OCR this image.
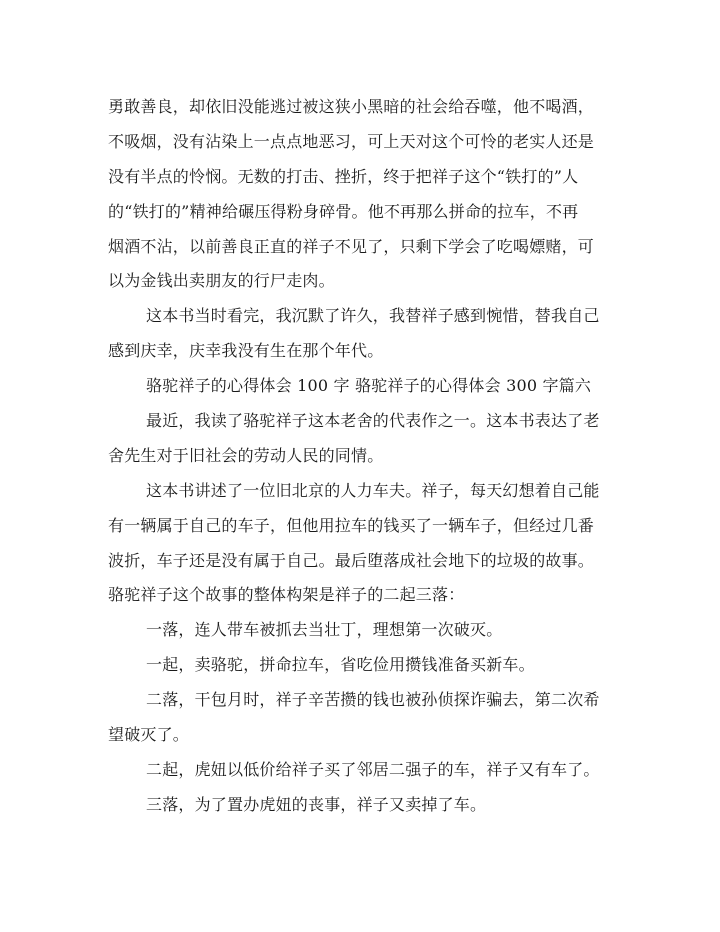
勇敢善良，却依旧没能逃过被这狭小黑暗的社会给吞噬，他不喝酒，
不吸烟，没有沾染上一点点地恶习，可上天对这个可怜的老实人还是
没有半点的怜悯。无数的打击、挫折，终于把祥子这个“铁打的”人
的“铁打的”精神给碾压得粉身碎骨。他不再那么拼命的拉车，不再
烟酒不沾，以前善良正直的祥子不见了，只剩下学会了吃喝嫖赌，可
以为金钱出卖朋友的行尸走肉。
这本书当时看完，我沉默了许久，我替祥子感到惋惜，替我自己
感到庆幸，庆幸我没有生在那个年代。
骆驼祥子的心得体会 100 字 骆驼祥子的心得体会 300 字篇六
最近，我读了骆驼祥子这本老舍的代表作之一。这本书表达了老
舍先生对于旧社会的劳动人民的同情。
这本书讲述了一位旧北京的人力车夫。祥子，每天幻想着自己能
有一辆属于自己的车子，但他用拉车的钱买了一辆车子，但经过几番
波折，车子还是没有属于自己。最后堕落成社会地下的垃圾的故事。
骆驼祥子这个故事的整体构架是祥子的二起三落：
一落，连人带车被抓去当壮丁，理想第一次破灭。
一起，卖骆驼，拼命拉车，省吃俭用攒钱准备买新车。
二落，干包月时，祥子辛苦攒的钱也被孙侦探诈骗去，第二次希
望破灭了。
二起，虎妞以低价给祥子买了邻居二强子的车，祥子又有车了。
三落，为了置办虎妞的丧事，祥子又卖掉了车。
